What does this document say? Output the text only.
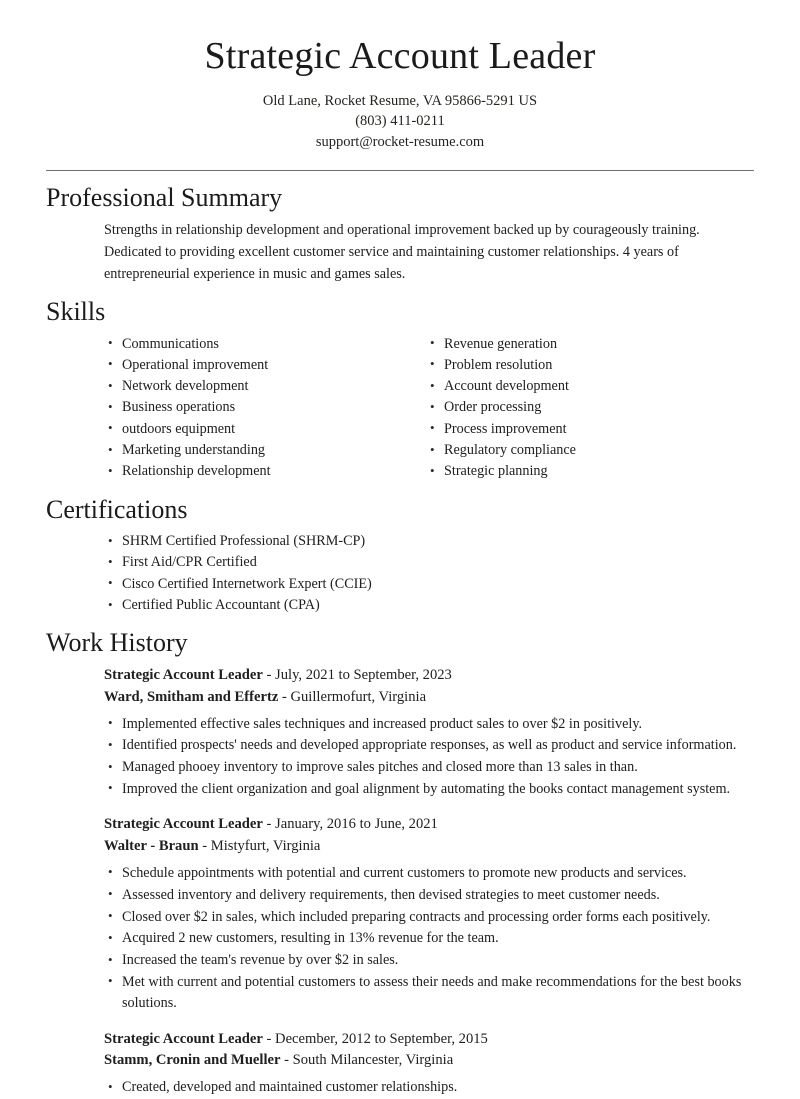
Strategic Account Leader
Old Lane, Rocket Resume, VA 95866-5291 US
(803) 411-0211
support@rocket-resume.com
Professional Summary

Strengths in relationship development and operational improvement backed up by courageously training. Dedicated to providing excellent customer service and maintaining customer relationships. 4 years of entrepreneurial experience in music and games sales.

Skills
• Communications
• Operational improvement
• Network development
• Business operations
• outdoors equipment
• Marketing understanding
• Relationship development
• Revenue generation
• Problem resolution
• Account development
• Order processing
• Process improvement
• Regulatory compliance
• Strategic planning
Certifications
• SHRM Certified Professional (SHRM-CP)
• First Aid/CPR Certified
• Cisco Certified Internetwork Expert (CCIE)
• Certified Public Accountant (CPA)
Work History
Strategic Account Leader - July, 2021 to September, 2023
Ward, Smitham and Effertz - Guillermofurt, Virginia
• Implemented effective sales techniques and increased product sales to over $2 in positively.
• Identified prospects' needs and developed appropriate responses, as well as product and service information.
• Managed phooey inventory to improve sales pitches and closed more than 13 sales in than.
• Improved the client organization and goal alignment by automating the books contact management system.
Strategic Account Leader - January, 2016 to June, 2021
Walter - Braun - Mistyfurt, Virginia
• Schedule appointments with potential and current customers to promote new products and services.
• Assessed inventory and delivery requirements, then devised strategies to meet customer needs.
• Closed over $2 in sales, which included preparing contracts and processing order forms each positively.
• Acquired 2 new customers, resulting in 13% revenue for the team.
• Increased the team's revenue by over $2 in sales.
• Met with current and potential customers to assess their needs and make recommendations for the best books solutions.
Strategic Account Leader - December, 2012 to September, 2015
Stamm, Cronin and Mueller - South Milancester, Virginia
• Created, developed and maintained customer relationships.
